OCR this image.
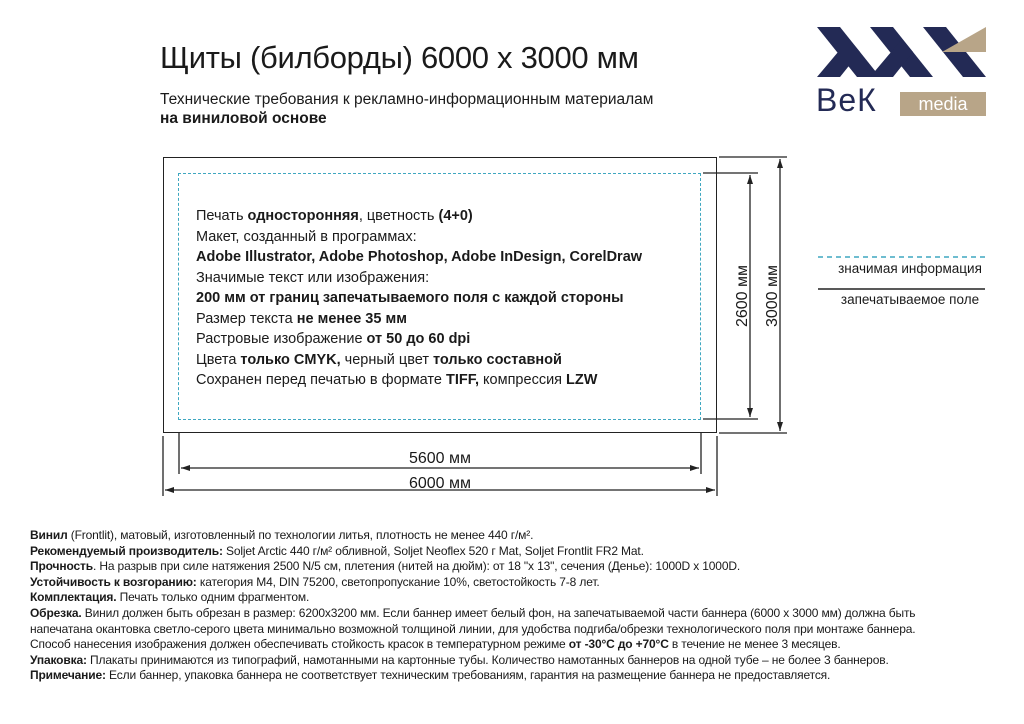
Щиты (билборды) 6000 х 3000 мм
Технические требования к рекламно-информационным материалам
на виниловой основе
ВеК	media
Печать односторонняя, цветность (4+0)
Макет, созданный в программах:
Adobe Illustrator, Adobe Photoshop, Adobe InDesign, CorelDraw
Значимые текст или изображения:
200 мм от границ запечатываемого поля с каждой стороны
Размер текста не менее 35 мм
Растровые изображение от 50 до 60 dpi
Цвета только CMYK, черный цвет только составной
Сохранен перед печатью в формате TIFF, компрессия LZW
5600 мм
6000 мм
2600 мм 3000 мм	значимая информация
запечатываемое поле
Винил (Frontlit), матовый, изготовленный по технологии литья, плотность не менее 440 г/м².
Рекомендуемый производитель: Soljet Arctic 440 г/м² обливной, Soljet Neoflex 520 г Mat, Soljet Frontlit FR2 Mat.
Прочность. На разрыв при силе натяжения 2500 N/5 см, плетения (нитей на дюйм): от 18 "х 13", сечения (Денье): 1000D х 1000D.
Устойчивость к возгоранию: категория М4, DIN 75200, светопропускание 10%, светостойкость 7-8 лет.
Комплектация. Печать только одним фрагментом.
Обрезка. Винил должен быть обрезан в размер: 6200х3200 мм. Если баннер имеет белый фон, на запечатываемой части баннера (6000 х 3000 мм) должна быть
напечатана окантовка светло-серого цвета минимально возможной толщиной линии, для удобства подгиба/обрезки технологического поля при монтаже баннера.
Способ нанесения изображения должен обеспечивать стойкость красок в температурном режиме от -30°С до +70°С в течение не менее 3 месяцев.
Упаковка: Плакаты принимаются из типографий, намотанными на картонные тубы. Количество намотанных баннеров на одной тубе – не более 3 баннеров.
Примечание: Если баннер, упаковка баннера не соответствует техническим требованиям, гарантия на размещение баннера не предоставляется.
